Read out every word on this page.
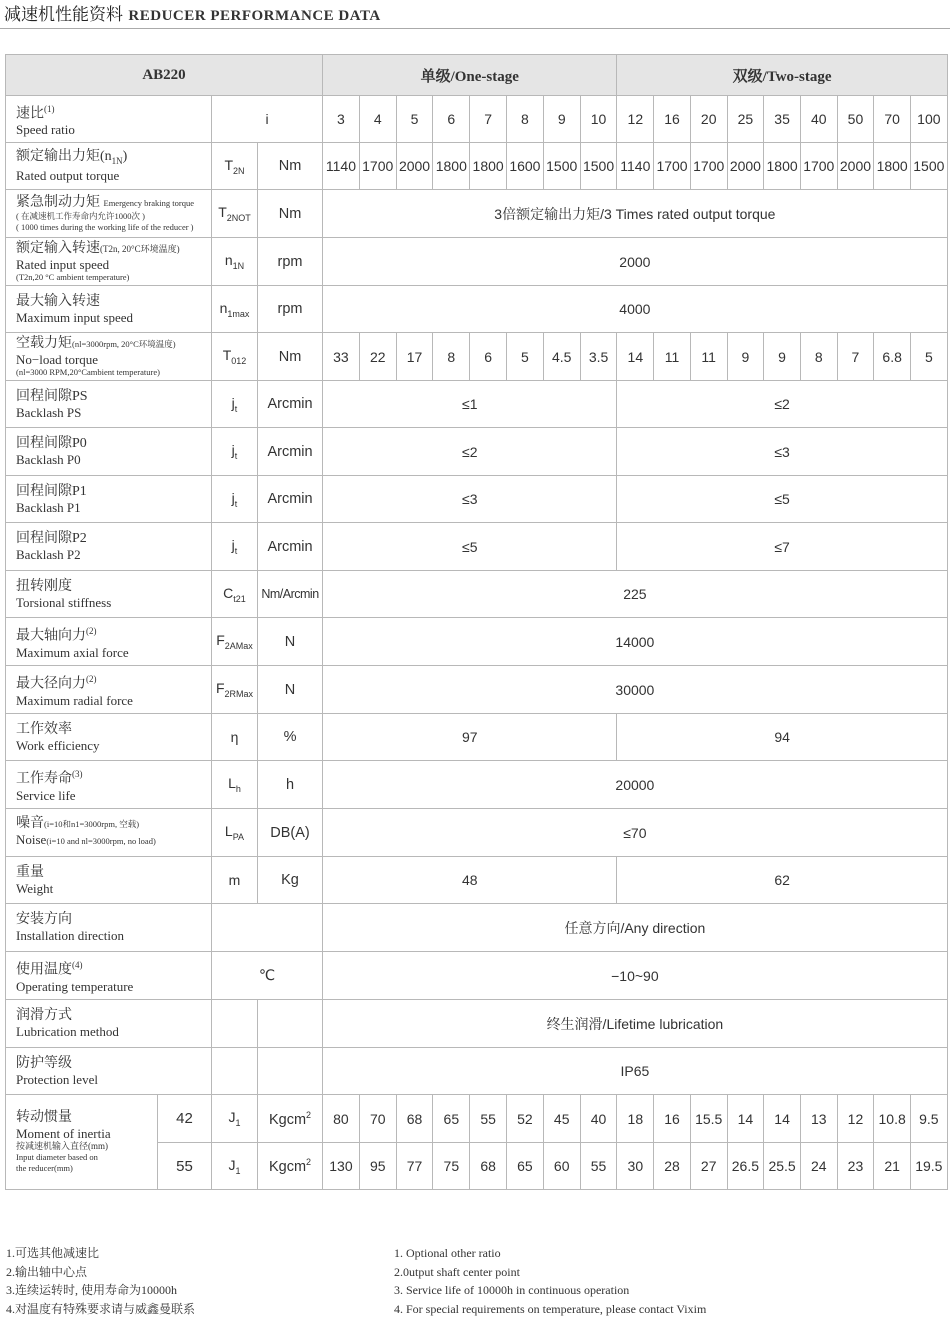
减速机性能资料 REDUCER PERFORMANCE DATA
AB220				单级/One-stage								双级/Two-stage								

速比$^{(1)}$
Speed ratio		i		3	4	5	6	7	8	9	10	12	16	20	25	35	40	50	70	100

额定输出力矩$(n_{1N})$
Rated output torque		$T_{2N}$	Nm	1140	1700	2000	1800	1800	1600	1500	1500	1140	1700	1700	2000	1800	1700	2000	1800	1500

紧急制动力矩 Emergency braking torque
( 在减速机工作寿命内允许1000次 )
( 1000 times during the working life of the reducer )		$T_{2NOT}$	Nm	3倍额定输出力矩/3 Times rated output torque																

额定输入转速(T2n, 20°C环境温度)
Rated input speed
(T2n,20 °C ambient temperature)		$n_{1N}$	rpm	2000																

最大输入转速
Maximum input speed		$n_{1max}$	rpm	4000																

空载力矩(nl=3000rpm, 20°C环境温度)
No−load torque
(nl=3000 RPM,20°Cambient temperature)		$T_{012}$	Nm	33	22	17	8	6	5	4.5	3.5	14	11	11	9	9	8	7	6.8	5

回程间隙PS
Backlash PS		$j_t$	Arcmin	≤1								≤2								

回程间隙P0
Backlash P0		$j_t$	Arcmin	≤2								≤3								

回程间隙P1
Backlash P1		$j_t$	Arcmin	≤3								≤5								

回程间隙P2
Backlash P2		$j_t$	Arcmin	≤5								≤7								

扭转刚度
Torsional stiffness		$C_{t21}$	Nm/Arcmin	225																

最大轴向力$^{(2)}$
Maximum axial force		$F_{2AMax}$	N	14000																

最大径向力$^{(2)}$
Maximum radial force		$F_{2RMax}$	N	30000																

工作效率
Work efficiency		η	%	97								94								

工作寿命$^{(3)}$
Service life		$L_h$	h	20000																

噪音(i=10和n1=3000rpm, 空载)
Noise(i=10 and nl=3000rpm, no load)		$L_{PA}$	DB(A)	≤70																

重量
Weight		m	Kg	48								62								

安装方向
Installation direction				任意方向/Any direction																

使用温度$^{(4)}$
Operating temperature		℃		−10~90																

润滑方式
Lubrication method				终生润滑/Lifetime lubrication																

防护等级
Protection level				IP65																

转动惯量
Moment of inertia
按减速机输入直径(mm)
Input diameter based on
the reducer(mm)	42	$J_1$	Kgcm$^2$	80	70	68	65	55	52	45	40	18	16	15.5	14	14	13	12	10.8	9.5
	55	$J_1$	Kgcm$^2$	130	95	77	75	68	65	60	55	30	28	27	26.5	25.5	24	23	21	19.5
1.可选其他减速比
2.输出轴中心点
3.连续运转时, 使用寿命为10000h
4.对温度有特殊要求请与威鑫曼联系
1. Optional other ratio
2.0utput shaft center point
3. Service life of 10000h in continuous operation
4. For special requirements on temperature, please contact Vixim
